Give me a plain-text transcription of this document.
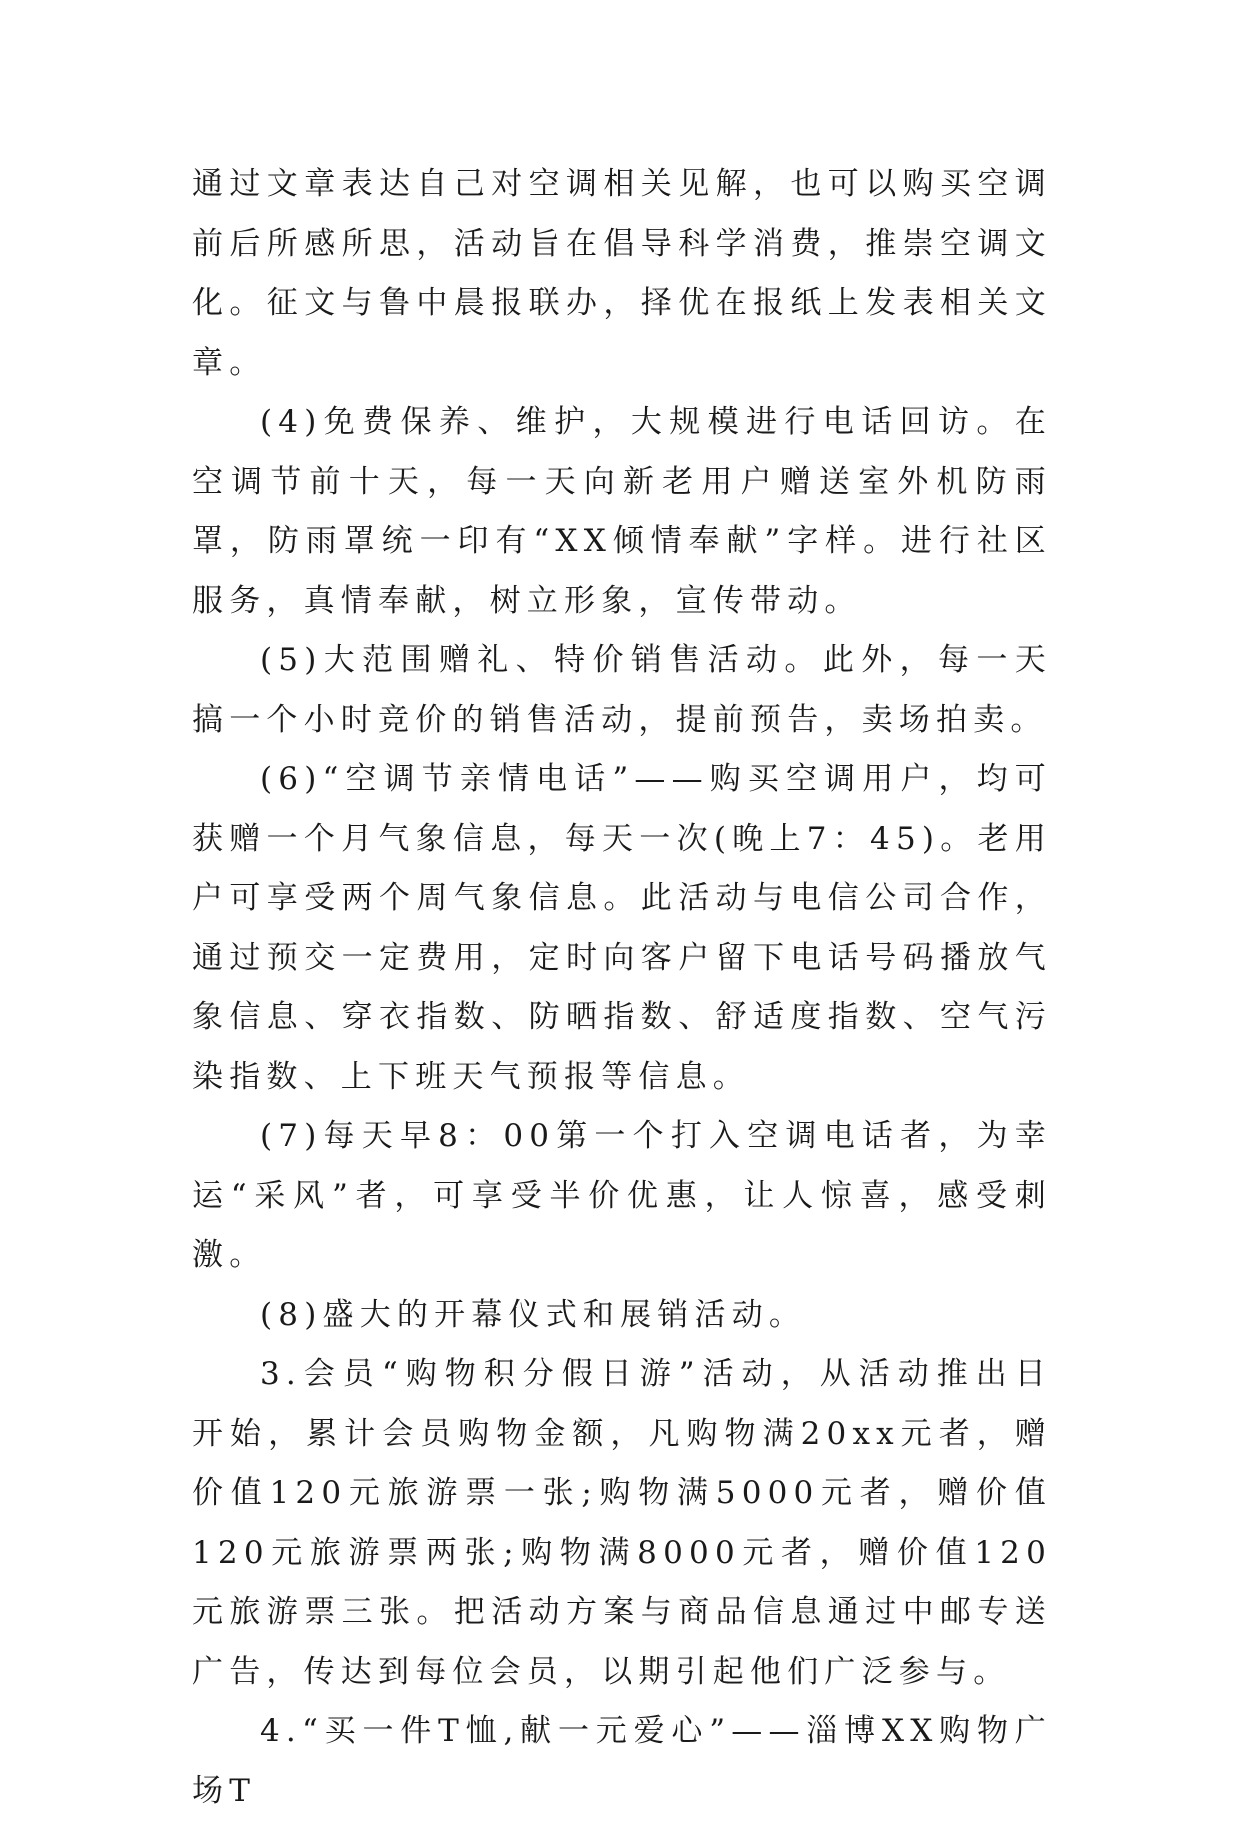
通过文章表达自己对空调相关见解，也可以购买空调前后所感所思，活动旨在倡导科学消费，推崇空调文化。征文与鲁中晨报联办，择优在报纸上发表相关文章。

(4)免费保养、维护，大规模进行电话回访。在空调节前十天，每一天向新老用户赠送室外机防雨罩，防雨罩统一印有“XX倾情奉献”字样。进行社区服务，真情奉献，树立形象，宣传带动。

(5)大范围赠礼、特价销售活动。此外，每一天搞一个小时竞价的销售活动，提前预告，卖场拍卖。

(6)“空调节亲情电话”——购买空调用户，均可获赠一个月气象信息，每天一次(晚上7：45)。老用户可享受两个周气象信息。此活动与电信公司合作，通过预交一定费用，定时向客户留下电话号码播放气象信息、穿衣指数、防晒指数、舒适度指数、空气污染指数、上下班天气预报等信息。

(7)每天早8：00第一个打入空调电话者，为幸运“采风”者，可享受半价优惠，让人惊喜，感受刺激。

(8)盛大的开幕仪式和展销活动。

3.会员“购物积分假日游”活动，从活动推出日开始，累计会员购物金额，凡购物满20xx元者，赠价值120元旅游票一张;购物满5000元者，赠价值120元旅游票两张;购物满8000元者，赠价值120元旅游票三张。把活动方案与商品信息通过中邮专送广告，传达到每位会员，以期引起他们广泛参与。

4.“买一件T恤,献一元爱心”——淄博XX购物广场T
